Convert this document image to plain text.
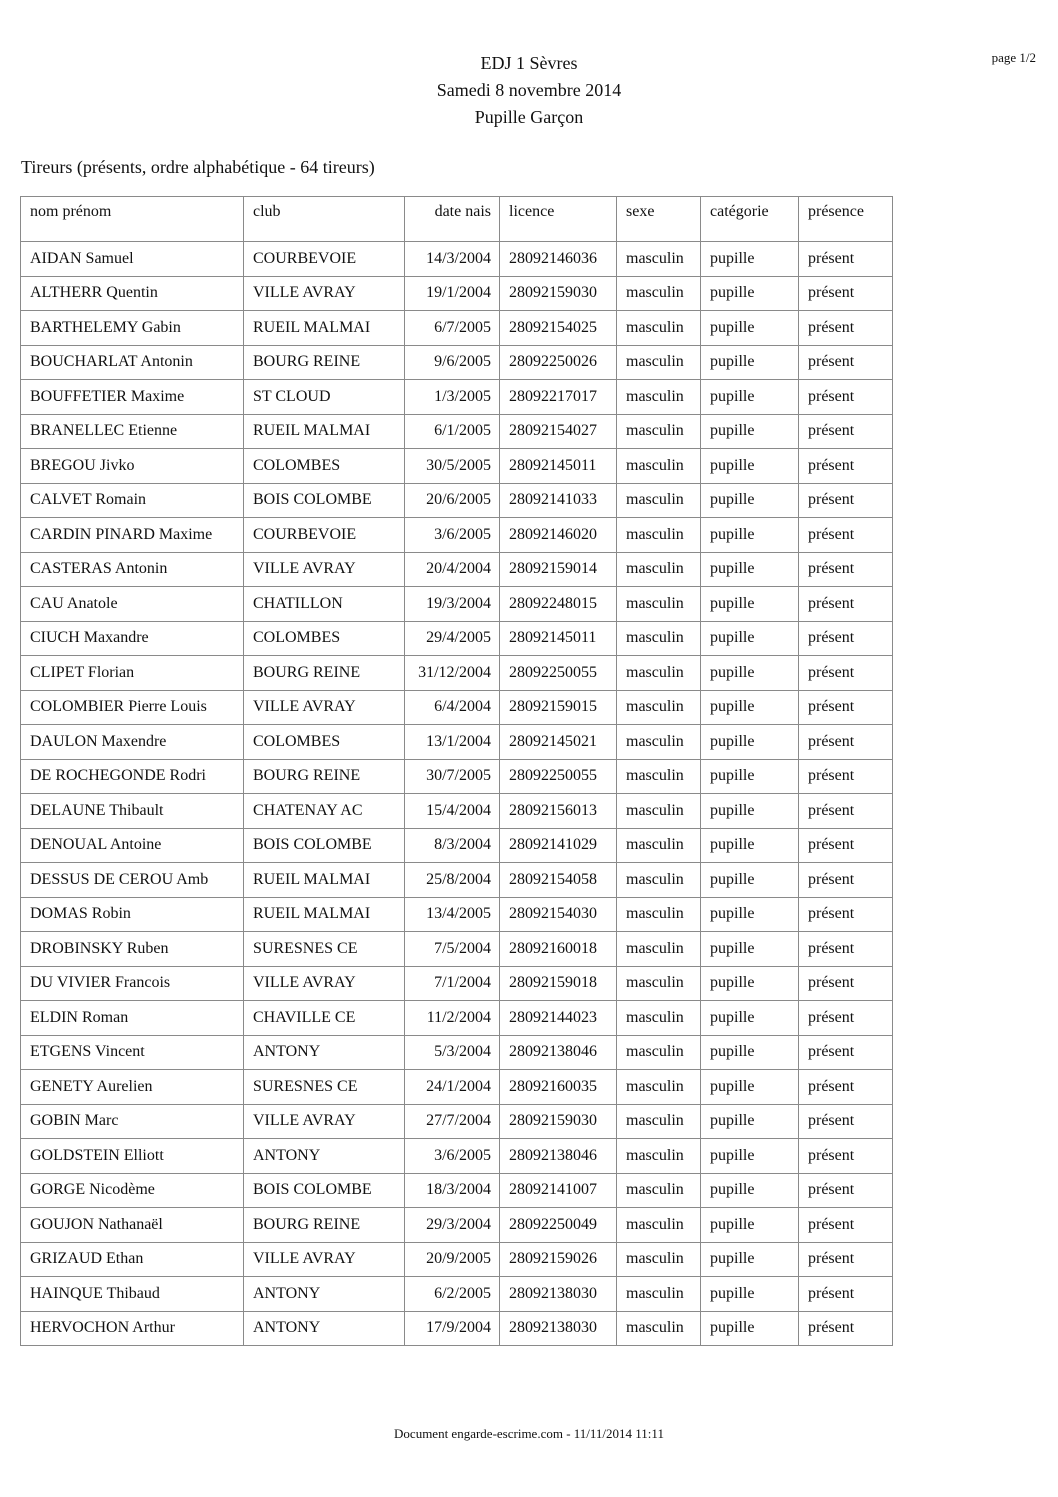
EDJ 1 Sèvres
Samedi 8 novembre 2014
Pupille Garçon
page 1/2
Tireurs (présents, ordre alphabétique - 64 tireurs)
nom prénom	club	date nais	licence	sexe	catégorie	présence
AIDAN Samuel	COURBEVOIE	14/3/2004	28092146036	masculin	pupille	présent
ALTHERR Quentin	VILLE AVRAY	19/1/2004	28092159030	masculin	pupille	présent
BARTHELEMY Gabin	RUEIL MALMAI	6/7/2005	28092154025	masculin	pupille	présent
BOUCHARLAT Antonin	BOURG REINE	9/6/2005	28092250026	masculin	pupille	présent
BOUFFETIER Maxime	ST CLOUD	1/3/2005	28092217017	masculin	pupille	présent
BRANELLEC Etienne	RUEIL MALMAI	6/1/2005	28092154027	masculin	pupille	présent
BREGOU Jivko	COLOMBES	30/5/2005	28092145011	masculin	pupille	présent
CALVET Romain	BOIS COLOMBE	20/6/2005	28092141033	masculin	pupille	présent
CARDIN PINARD Maxime	COURBEVOIE	3/6/2005	28092146020	masculin	pupille	présent
CASTERAS Antonin	VILLE AVRAY	20/4/2004	28092159014	masculin	pupille	présent
CAU Anatole	CHATILLON	19/3/2004	28092248015	masculin	pupille	présent
CIUCH Maxandre	COLOMBES	29/4/2005	28092145011	masculin	pupille	présent
CLIPET Florian	BOURG REINE	31/12/2004	28092250055	masculin	pupille	présent
COLOMBIER Pierre Louis	VILLE AVRAY	6/4/2004	28092159015	masculin	pupille	présent
DAULON Maxendre	COLOMBES	13/1/2004	28092145021	masculin	pupille	présent
DE ROCHEGONDE Rodri	BOURG REINE	30/7/2005	28092250055	masculin	pupille	présent
DELAUNE Thibault	CHATENAY AC	15/4/2004	28092156013	masculin	pupille	présent
DENOUAL Antoine	BOIS COLOMBE	8/3/2004	28092141029	masculin	pupille	présent
DESSUS DE CEROU Amb	RUEIL MALMAI	25/8/2004	28092154058	masculin	pupille	présent
DOMAS Robin	RUEIL MALMAI	13/4/2005	28092154030	masculin	pupille	présent
DROBINSKY Ruben	SURESNES CE	7/5/2004	28092160018	masculin	pupille	présent
DU VIVIER Francois	VILLE AVRAY	7/1/2004	28092159018	masculin	pupille	présent
ELDIN Roman	CHAVILLE CE	11/2/2004	28092144023	masculin	pupille	présent
ETGENS Vincent	ANTONY	5/3/2004	28092138046	masculin	pupille	présent
GENETY Aurelien	SURESNES CE	24/1/2004	28092160035	masculin	pupille	présent
GOBIN Marc	VILLE AVRAY	27/7/2004	28092159030	masculin	pupille	présent
GOLDSTEIN Elliott	ANTONY	3/6/2005	28092138046	masculin	pupille	présent
GORGE Nicodème	BOIS COLOMBE	18/3/2004	28092141007	masculin	pupille	présent
GOUJON Nathanaël	BOURG REINE	29/3/2004	28092250049	masculin	pupille	présent
GRIZAUD Ethan	VILLE AVRAY	20/9/2005	28092159026	masculin	pupille	présent
HAINQUE Thibaud	ANTONY	6/2/2005	28092138030	masculin	pupille	présent
HERVOCHON Arthur	ANTONY	17/9/2004	28092138030	masculin	pupille	présent
Document engarde-escrime.com - 11/11/2014 11:11
